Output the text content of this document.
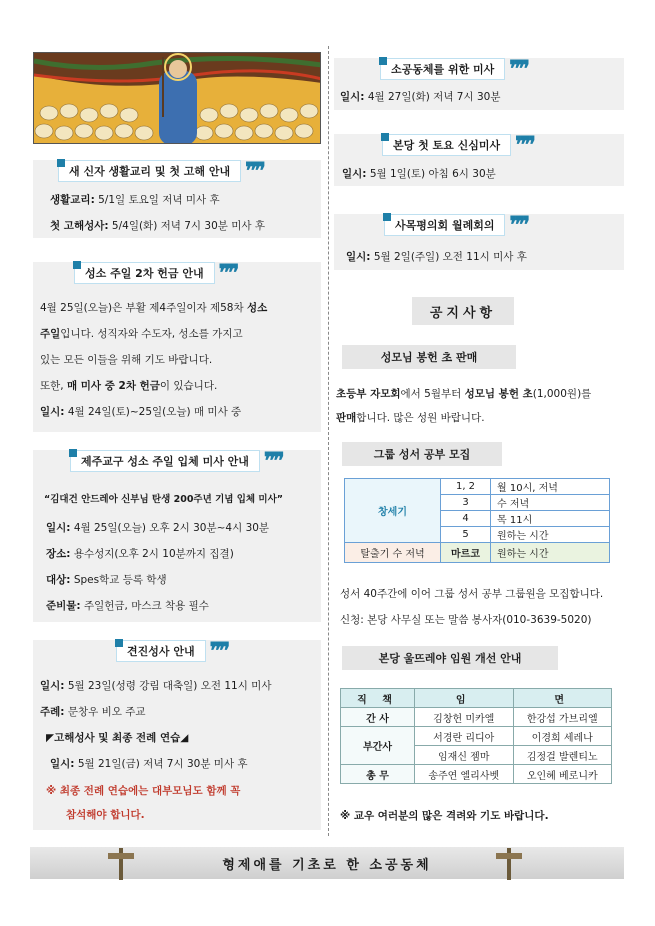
새 신자 생활교리 및 첫 고해 안내 ❞❞
생활교리: 5/1일 토요일 저녁 미사 후
첫 고해성사: 5/4일(화) 저녁 7시 30분 미사 후
성소 주일 2차 헌금 안내 ❞❞
4월 25일(오늘)은 부활 제4주일이자 제58차 성소
주일입니다. 성직자와 수도자, 성소를 가지고
있는 모든 이들을 위해 기도 바랍니다.
또한, 매 미사 중 2차 헌금이 있습니다.
일시: 4월 24일(토)~25일(오늘) 매 미사 중
제주교구 성소 주일 입체 미사 안내 ❞❞
“김대건 안드레아 신부님 탄생 200주년 기념 입체 미사”
일시: 4월 25일(오늘) 오후 2시 30분~4시 30분
장소: 용수성지(오후 2시 10분까지 집결)
대상: Spes학교 등록 학생
준비물: 주일헌금, 마스크 착용 필수
견진성사 안내 ❞❞
일시: 5월 23일(성령 강림 대축일) 오전 11시 미사
주례: 문창우 비오 주교
◤고해성사 및 최종 전례 연습◢
일시: 5월 21일(금) 저녁 7시 30분 미사 후
※ 최종 전례 연습에는 대부모님도 함께 꼭
참석해야 합니다.
소공동체를 위한 미사 ❞❞
일시: 4월 27일(화) 저녁 7시 30분
본당 첫 토요 신심미사 ❞❞
일시: 5월 1일(토) 아침 6시 30분
사목평의회 월례회의 ❞❞
일시: 5월 2일(주일) 오전 11시 미사 후
공지사항
성모님 봉헌 초 판매
초등부 자모회에서 5월부터 성모님 봉헌 초(1,000원)를
판매합니다. 많은 성원 바랍니다.
그룹 성서 공부 모집
창세기	1, 2	월 10시, 저녁
	3	수 저녁
	4	목 11시
	5	원하는 시간
탈출기 수 저녁	마르코	원하는 시간
성서 40주간에 이어 그룹 성서 공부 그룹원을 모집합니다.
신청: 본당 사무실 또는 말씀 봉사자(010-3639-5020)
본당 울뜨레야 임원 개선 안내
직 책	임	면
간 사	김창헌 미카엘	한강섭 가브리엘
부간사	서경란 리디아	이경희 세레나
	임재신 젬마	김정걸 발렌티노
총 무	송주연 엘리사벳	오인혜 베로니카
※ 교우 여러분의 많은 격려와 기도 바랍니다.
형제애를 기초로 한 소공동체
